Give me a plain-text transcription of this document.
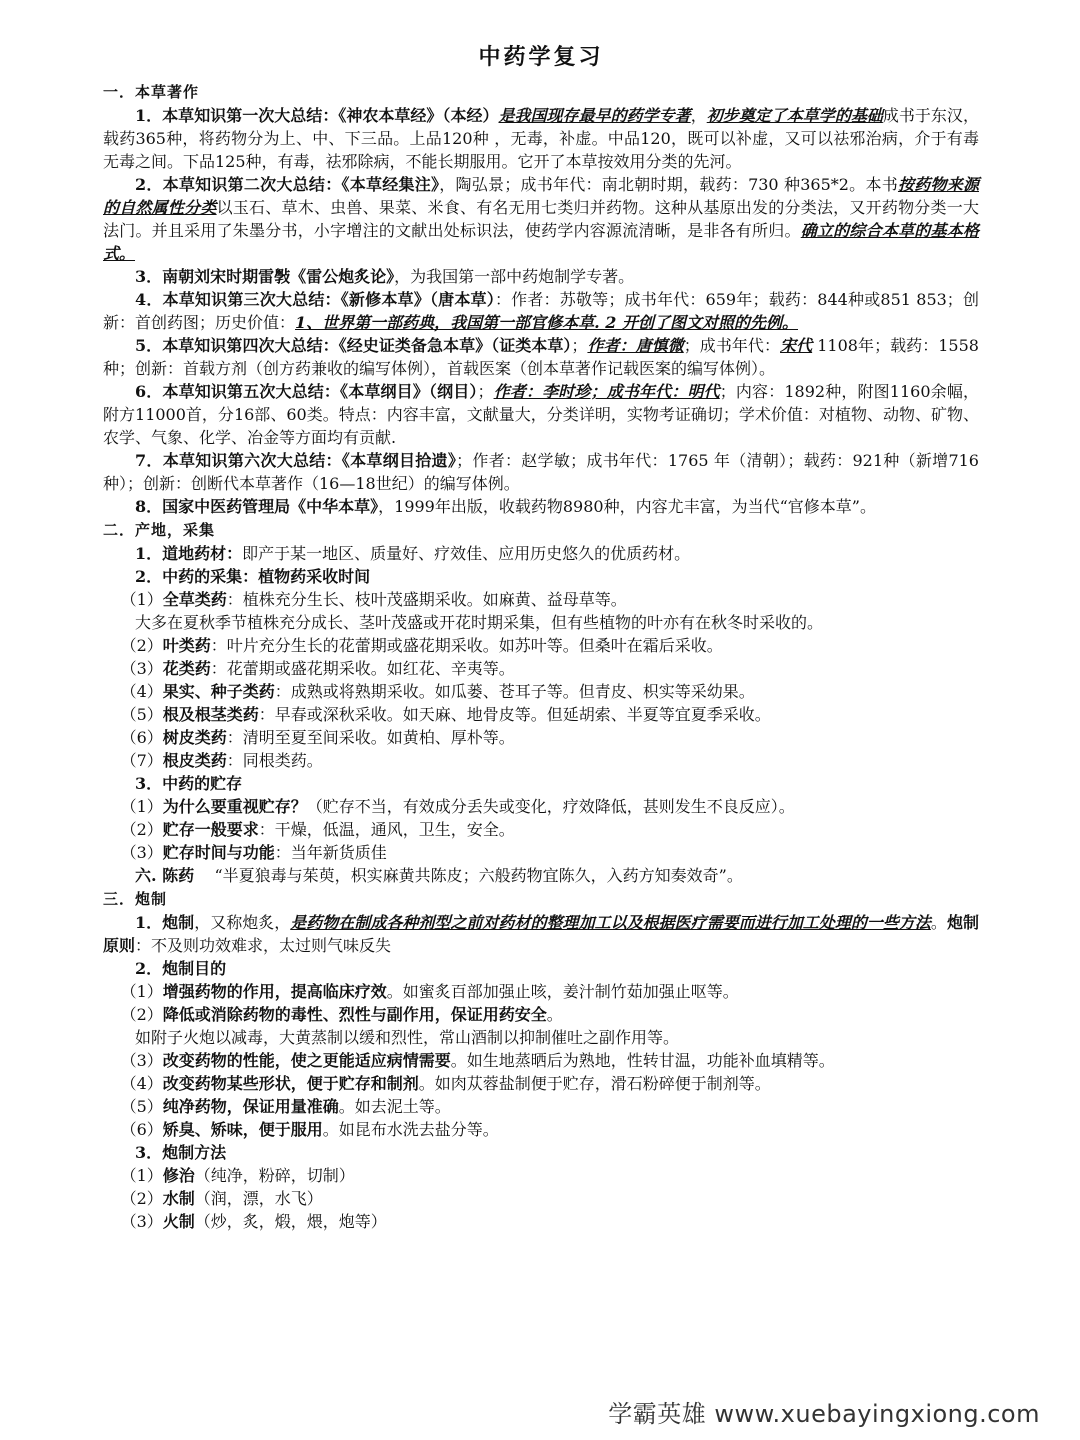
中药学复习
一．本草著作

1．本草知识第一次大总结：《神农本草经》（本经）是我国现存最早的药学专著，初步奠定了本草学的基础成书于东汉，载药365种，将药物分为上、中、下三品。上品120种 ，无毒，补虚。中品120，既可以补虚，又可以祛邪治病，介于有毒无毒之间。下品125种，有毒，祛邪除病，不能长期服用。它开了本草按效用分类的先河。

2．本草知识第二次大总结：《本草经集注》，陶弘景；成书年代：南北朝时期，载药：730 种365*2。本书按药物来源的自然属性分类以玉石、草木、虫兽、果菜、米食、有名无用七类归并药物。这种从基原出发的分类法，又开药物分类一大法门。并且采用了朱墨分书，小字增注的文献出处标识法，使药学内容源流清晰，是非各有所归。确立的综合本草的基本格式。

3．南朝刘宋时期雷斅《雷公炮炙论》，为我国第一部中药炮制学专著。

4．本草知识第三次大总结：《新修本草》（唐本草）：作者：苏敬等；成书年代：659年；载药：844种或851 853；创新：首创药图；历史价值：1、世界第一部药典，我国第一部官修本草. 2 开创了图文对照的先例。

5．本草知识第四次大总结：《经史证类备急本草》（证类本草）；作者：唐慎微；成书年代：宋代 1108年；载药：1558种；创新：首载方剂（创方药兼收的编写体例），首载医案（创本草著作记载医案的编写体例）。

6．本草知识第五次大总结：《本草纲目》（纲目）；作者：李时珍；成书年代：明代；内容：1892种，附图1160余幅，附方11000首，分16部、60类。特点：内容丰富，文献量大，分类详明，实物考证确切；学术价值：对植物、动物、矿物、农学、气象、化学、冶金等方面均有贡献.

7．本草知识第六次大总结：《本草纲目拾遗》；作者：赵学敏；成书年代：1765 年（清朝）；载药：921种（新增716种）；创新：创断代本草著作（16—18世纪）的编写体例。

8．国家中医药管理局《中华本草》，1999年出版，收载药物8980种，内容尤丰富，为当代“官修本草”。

二．产地，采集

1．道地药材：即产于某一地区、质量好、疗效佳、应用历史悠久的优质药材。

2．中药的采集：植物药采收时间

（1）全草类药：植株充分生长、枝叶茂盛期采收。如麻黄、益母草等。

大多在夏秋季节植株充分成长、茎叶茂盛或开花时期采集，但有些植物的叶亦有在秋冬时采收的。

（2）叶类药：叶片充分生长的花蕾期或盛花期采收。如苏叶等。但桑叶在霜后采收。

（3）花类药：花蕾期或盛花期采收。如红花、辛夷等。

（4）果实、种子类药：成熟或将熟期采收。如瓜蒌、苍耳子等。但青皮、枳实等采幼果。

（5）根及根茎类药：早春或深秋采收。如天麻、地骨皮等。但延胡索、半夏等宜夏季采收。

（6）树皮类药：清明至夏至间采收。如黄柏、厚朴等。

（7）根皮类药：同根类药。

3．中药的贮存

（1）为什么要重视贮存？（贮存不当，有效成分丢失或变化，疗效降低，甚则发生不良反应）。

（2）贮存一般要求：干燥，低温，通风，卫生，安全。

（3）贮存时间与功能：当年新货质佳

六. 陈药 “半夏狼毒与茱萸，枳实麻黄共陈皮；六般药物宜陈久，入药方知奏效奇”。

三．炮制

1．炮制，又称炮炙，是药物在制成各种剂型之前对药材的整理加工以及根据医疗需要而进行加工处理的一些方法。炮制原则：不及则功效难求，太过则气味反失

2．炮制目的

（1）增强药物的作用，提高临床疗效。如蜜炙百部加强止咳，姜汁制竹茹加强止呕等。

（2）降低或消除药物的毒性、烈性与副作用，保证用药安全。

如附子火炮以减毒，大黄蒸制以缓和烈性，常山酒制以抑制催吐之副作用等。

（3）改变药物的性能，使之更能适应病情需要。如生地蒸晒后为熟地，性转甘温，功能补血填精等。

（4）改变药物某些形状，便于贮存和制剂。如肉苁蓉盐制便于贮存，滑石粉碎便于制剂等。

（5）纯净药物，保证用量准确。如去泥土等。

（6）矫臭、矫味，便于服用。如昆布水洗去盐分等。

3．炮制方法

（1）修治（纯净，粉碎，切制）

（2）水制（润，漂，水飞）

（3）火制（炒，炙，煅，煨，炮等）

学霸英雄 www.xuebayingxiong.com
